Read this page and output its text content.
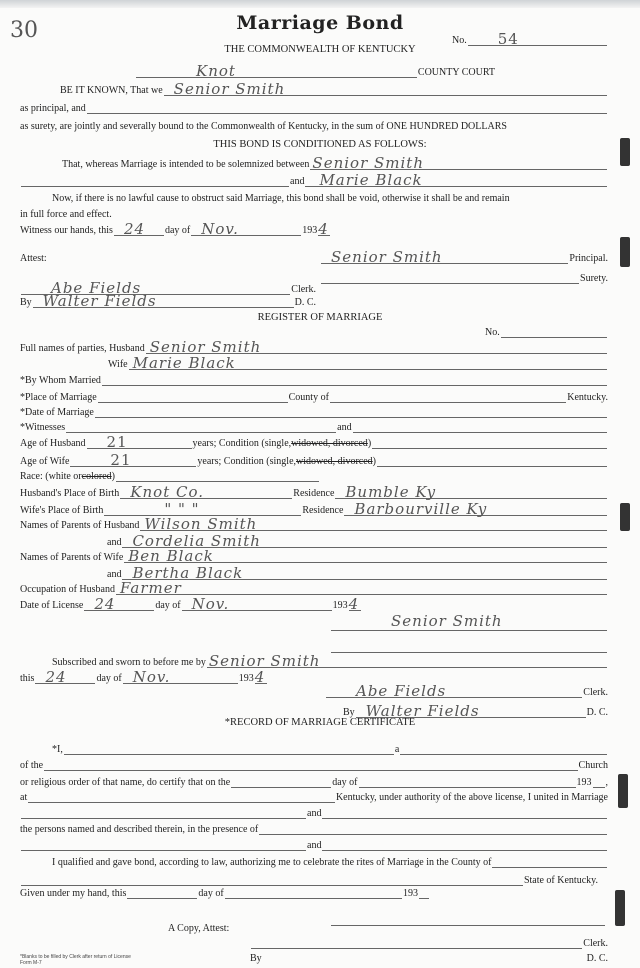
30	Marriage Bond
No. 54
THE COMMONWEALTH OF KENTUCKY
Knot	COUNTY COURT
BE IT KNOWN, That we Senior Smith
as principal, and
as surety, are jointly and severally bound to the Commonwealth of Kentucky, in the sum of ONE HUNDRED DOLLARS
THIS BOND IS CONDITIONED AS FOLLOWS:
That, whereas Marriage is intended to be solemnized between Senior Smith
and Marie Black
Now, if there is no lawful cause to obstruct said Marriage, this bond shall be void, otherwise it shall be and remain
in full force and effect.
Witness our hands, this 24 day of Nov.	193 4
Attest:	Senior Smith	Principal.
Surety.
Abe Fields	Clerk.
By Walter Fields	D. C.
REGISTER OF MARRIAGE
No.
Full names of parties, Husband Senior Smith
Wife Marie Black
*By Whom Married
*Place of Marriage	County of	Kentucky.
*Date of Marriage
*Witnesses	and
Age of Husband 21	years; Condition (single, widowed, divorced )
Age of Wife	21	years; Condition (single, widowed, divorced )
Race: (white or colored )
Husband's Place of Birth Knot Co.	Residence Bumble Ky
Wife's Place of Birth	" " "	Residence Barbourville Ky
Names of Parents of Husband Wilson Smith
and Cordelia Smith
Names of Parents of Wife Ben Black
and Bertha Black
Occupation of Husband Farmer
Date of License 24	day of Nov.	193 4
Senior Smith
Subscribed and sworn to before me by Senior Smith
this 24	day of Nov.	193 4
Abe Fields	Clerk.
By Walter Fields	D. C.
*RECORD OF MARRIAGE CERTIFICATE
*I,	a
of the	Church
or religious order of that name, do certify that on the	day of	193 ,
at	Kentucky, under authority of the above license, I united in Marriage
and
the persons named and described therein, in the presence of
and
I qualified and gave bond, according to law, authorizing me to celebrate the rites of Marriage in the County of
State of Kentucky.
Given under my hand, this	day of	193
A Copy, Attest:
Clerk.
By	D. C.
*Blanks to be filled by Clerk after return of License
Form M-7
